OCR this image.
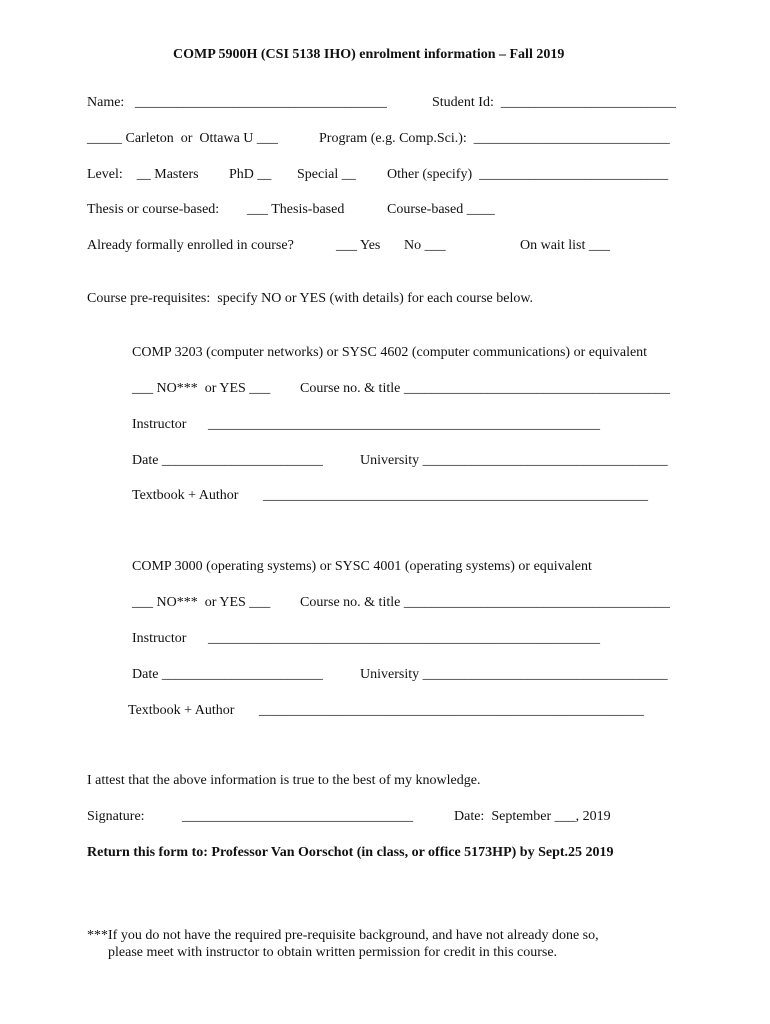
COMP 5900H (CSI 5138 IHO) enrolment information – Fall 2019
Name:   ____________________________________	Student Id:  _________________________
_____ Carleton  or  Ottawa U ___	Program (e.g. Comp.Sci.):  ____________________________
Level:    __ Masters PhD __ Special __ Other (specify)  ___________________________
Thesis or course-based: ___ Thesis-based	Course-based ____
Already formally enrolled in course?	___ Yes No ___	On wait list ___
Course pre-requisites:  specify NO or YES (with details) for each course below.
COMP 3203 (computer networks) or SYSC 4602 (computer communications) or equivalent
___ NO***  or YES ___ Course no. & title ______________________________________
Instructor ________________________________________________________
Date _______________________	University ___________________________________
Textbook + Author _______________________________________________________
COMP 3000 (operating systems) or SYSC 4001 (operating systems) or equivalent
___ NO***  or YES ___ Course no. & title ______________________________________
Instructor ________________________________________________________
Date _______________________	University ___________________________________
Textbook + Author _______________________________________________________
I attest that the above information is true to the best of my knowledge.
Signature:	_________________________________	Date:  September ___, 2019
Return this form to: Professor Van Oorschot (in class, or office 5173HP) by Sept.25 2019
***If you do not have the required pre-requisite background, and have not already done so,
please meet with instructor to obtain written permission for credit in this course.
